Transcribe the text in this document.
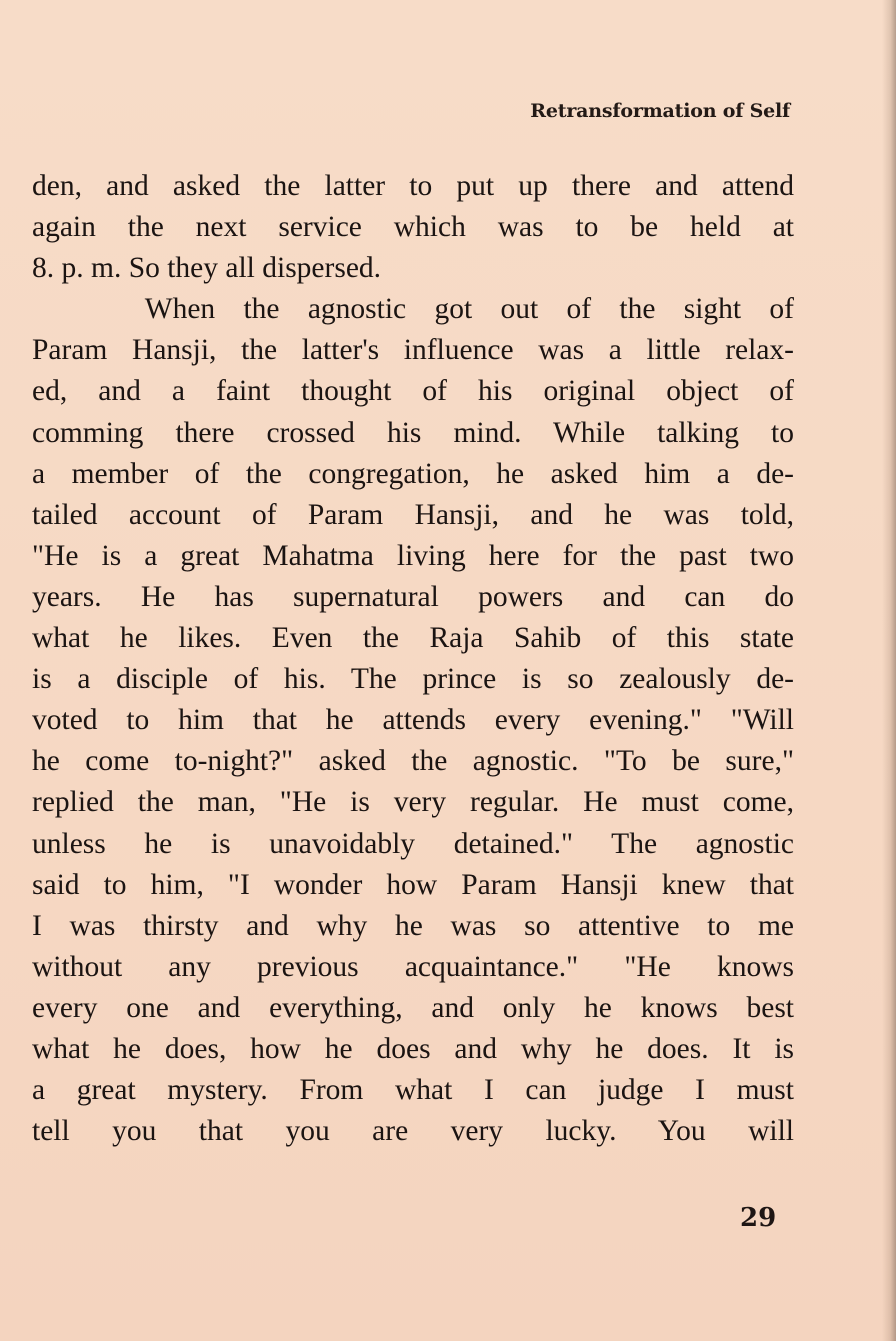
Retransformation of Self
den, and asked the latter to put up there and attend
again the next service which was to be held at
8. p. m. So they all dispersed.
When the agnostic got out of the sight of
Param Hansji, the latter's influence was a little relax-
ed, and a faint thought of his original object of
comming there crossed his mind. While talking to
a member of the congregation, he asked him a de-
tailed account of Param Hansji, and he was told,
"He is a great Mahatma living here for the past two
years. He has supernatural powers and can do
what he likes. Even the Raja Sahib of this state
is a disciple of his. The prince is so zealously de-
voted to him that he attends every evening." "Will
he come to-night?" asked the agnostic. "To be sure,"
replied the man, "He is very regular. He must come,
unless he is unavoidably detained." The agnostic
said to him, "I wonder how Param Hansji knew that
I was thirsty and why he was so attentive to me
without any previous acquaintance." "He knows
every one and everything, and only he knows best
what he does, how he does and why he does. It is
a great mystery. From what I can judge I must
tell you that you are very lucky. You will
29
